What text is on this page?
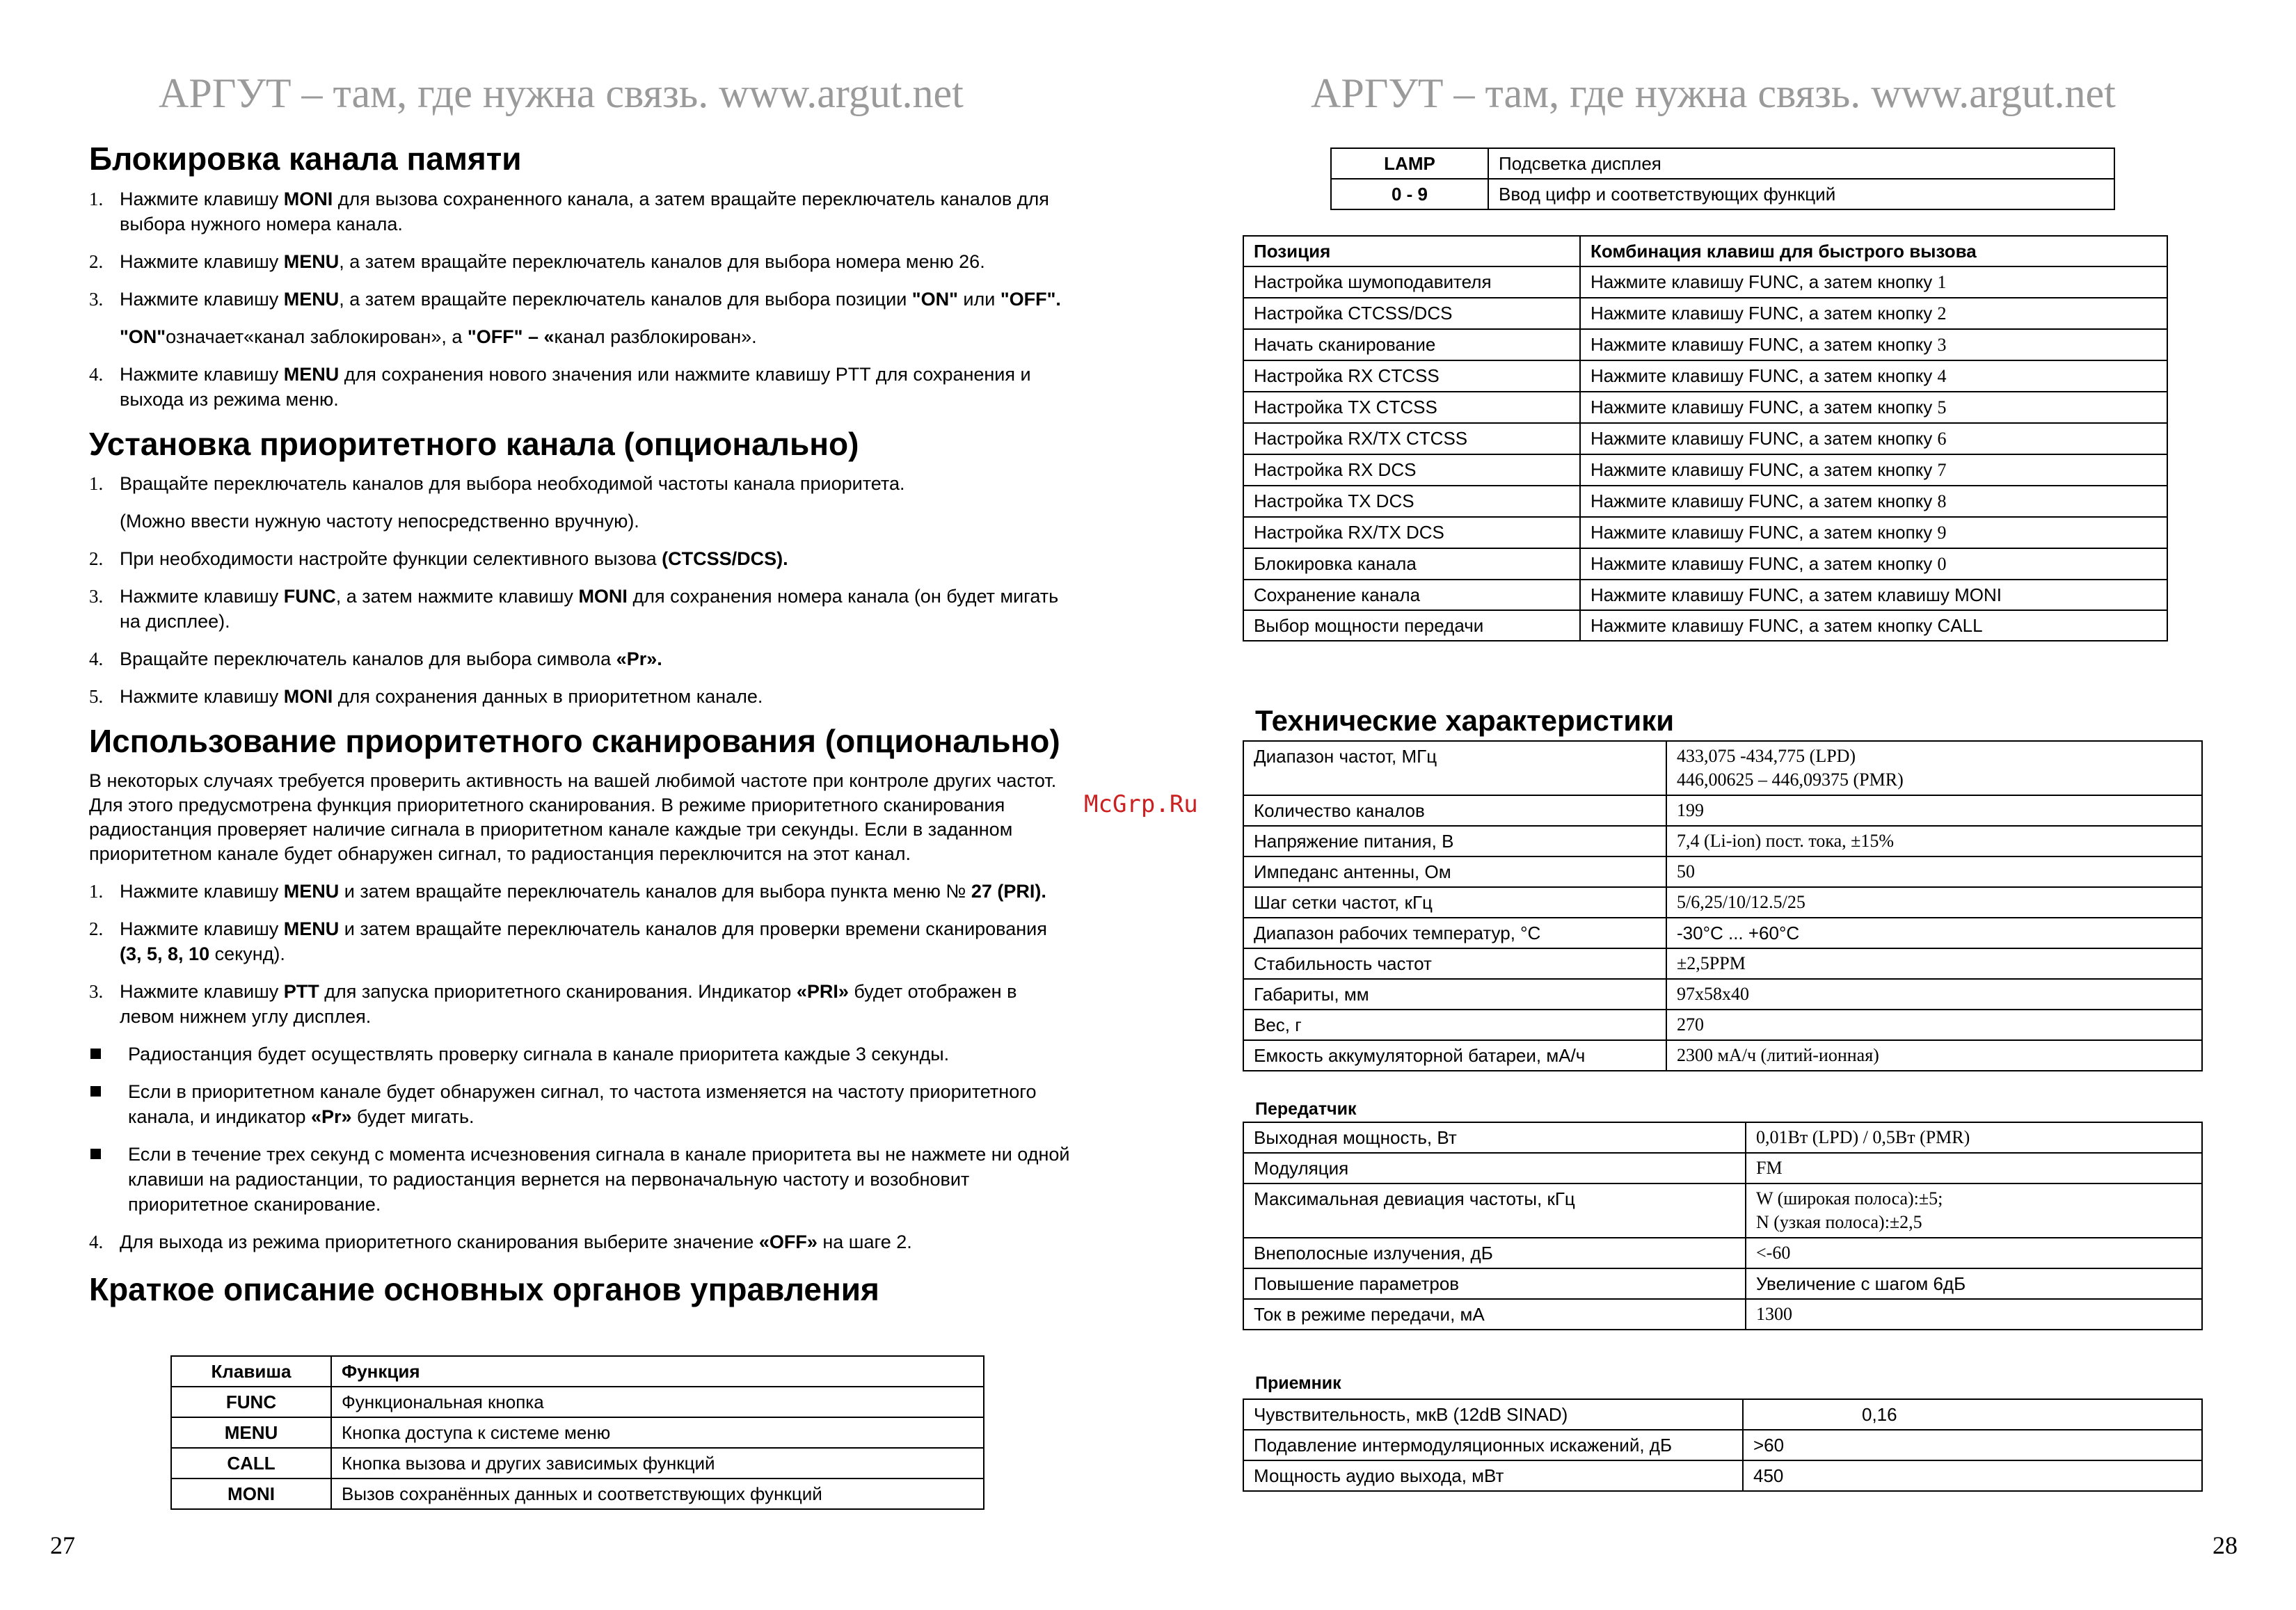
АРГУТ – там, где нужна связь. www.argut.net
Блокировка канала памяти
1. Нажмите клавишу MONI для вызова сохраненного канала, а затем вращайте переключатель каналов для выбора нужного номера канала.
2. Нажмите клавишу MENU, а затем вращайте переключатель каналов для выбора номера меню 26.
3. Нажмите клавишу MENU, а затем вращайте переключатель каналов для выбора позиции "ON" или "OFF".
"ON"означает«канал заблокирован», а "OFF" – «канал разблокирован».
4. Нажмите клавишу MENU для сохранения нового значения или нажмите клавишу PTT для сохранения и выхода из режима меню.
Установка приоритетного канала (опционально)
1. Вращайте переключатель каналов для выбора необходимой частоты канала приоритета.
(Можно ввести нужную частоту непосредственно вручную).
2. При необходимости настройте функции селективного вызова (CTCSS/DCS).
3. Нажмите клавишу FUNC, а затем нажмите клавишу MONI для сохранения номера канала (он будет мигать на дисплее).
4. Вращайте переключатель каналов для выбора символа «Pr».
5. Нажмите клавишу MONI для сохранения данных в приоритетном канале.
Использование приоритетного сканирования (опционально)
В некоторых случаях требуется проверить активность на вашей любимой частоте при контроле других частот. Для этого предусмотрена функция приоритетного сканирования. В режиме приоритетного сканирования радиостанция проверяет наличие сигнала в приоритетном канале каждые три секунды. Если в заданном приоритетном канале будет обнаружен сигнал, то радиостанция переключится на этот канал.
1. Нажмите клавишу MENU и затем вращайте переключатель каналов для выбора пункта меню № 27 (PRI).
2. Нажмите клавишу MENU и затем вращайте переключатель каналов для проверки времени сканирования (3, 5, 8, 10 секунд).
3. Нажмите клавишу PTT для запуска приоритетного сканирования. Индикатор «PRI» будет отображен в левом нижнем углу дисплея.
Радиостанция будет осуществлять проверку сигнала в канале приоритета каждые 3 секунды.
Если в приоритетном канале будет обнаружен сигнал, то частота изменяется на частоту приоритетного канала, и индикатор «Pr» будет мигать.
Если в течение трех секунд с момента исчезновения сигнала в канале приоритета вы не нажмете ни одной клавиши на радиостанции, то радиостанция вернется на первоначальную частоту и возобновит приоритетное сканирование.
4. Для выхода из режима приоритетного сканирования выберите значение «OFF» на шаге 2.
Краткое описание основных органов управления
Клавиша	Функция
FUNC	Функциональная кнопка
MENU	Кнопка доступа к системе меню
CALL	Кнопка вызова и других зависимых функций
MONI	Вызов сохранённых данных и соответствующих функций
27
АРГУТ – там, где нужна связь. www.argut.net
LAMP	Подсветка дисплея
0 - 9	Ввод цифр и соответствующих функций
Позиция	Комбинация клавиш для быстрого вызова
Настройка шумоподавителя	Нажмите клавишу FUNC, а затем кнопку 1
Настройка CTCSS/DCS	Нажмите клавишу FUNC, а затем кнопку 2
Начать сканирование	Нажмите клавишу FUNC, а затем кнопку 3
Настройка RX CTCSS	Нажмите клавишу FUNC, а затем кнопку 4
Настройка TX CTCSS	Нажмите клавишу FUNC, а затем кнопку 5
Настройка RX/TX CTCSS	Нажмите клавишу FUNC, а затем кнопку 6
Настройка RX DCS	Нажмите клавишу FUNC, а затем кнопку 7
Настройка TX DCS	Нажмите клавишу FUNC, а затем кнопку 8
Настройка RX/TX DCS	Нажмите клавишу FUNC, а затем кнопку 9
Блокировка канала	Нажмите клавишу FUNC, а затем кнопку 0
Сохранение канала	Нажмите клавишу FUNC, а затем клавишу MONI
Выбор мощности передачи	Нажмите клавишу FUNC, а затем кнопку CALL
Технические характеристики
Диапазон частот, МГц	433,075 -434,775 (LPD)
446,00625 – 446,09375 (PMR)

Количество каналов	199
Напряжение питания, В	7,4 (Li-ion) пост. тока, ±15%
Импеданс антенны, Ом	50
Шаг сетки частот, кГц	5/6,25/10/12.5/25
Диапазон рабочих температур, °C	-30°C ... +60°C
Стабильность частот	±2,5PPM
Габариты, мм	97x58x40
Вес, г	270
Емкость аккумуляторной батареи, мА/ч	2300 мА/ч (литий-ионная)
Передатчик
Выходная мощность, Вт	0,01Вт (LPD) / 0,5Вт (PMR)
Модуляция	FM
Максимальная девиация частоты, кГц	W (широкая полоса):±5;
N (узкая полоса):±2,5

Внеполосные излучения, дБ	<-60
Повышение параметров	Увеличение с шагом 6дБ
Ток в режиме передачи, мА	1300
Приемник
Чувствительность, мкВ (12dB SINAD)	0,16
Подавление интермодуляционных искажений, дБ	>60
Мощность аудио выхода, мВт	450
28
McGrp.Ru
